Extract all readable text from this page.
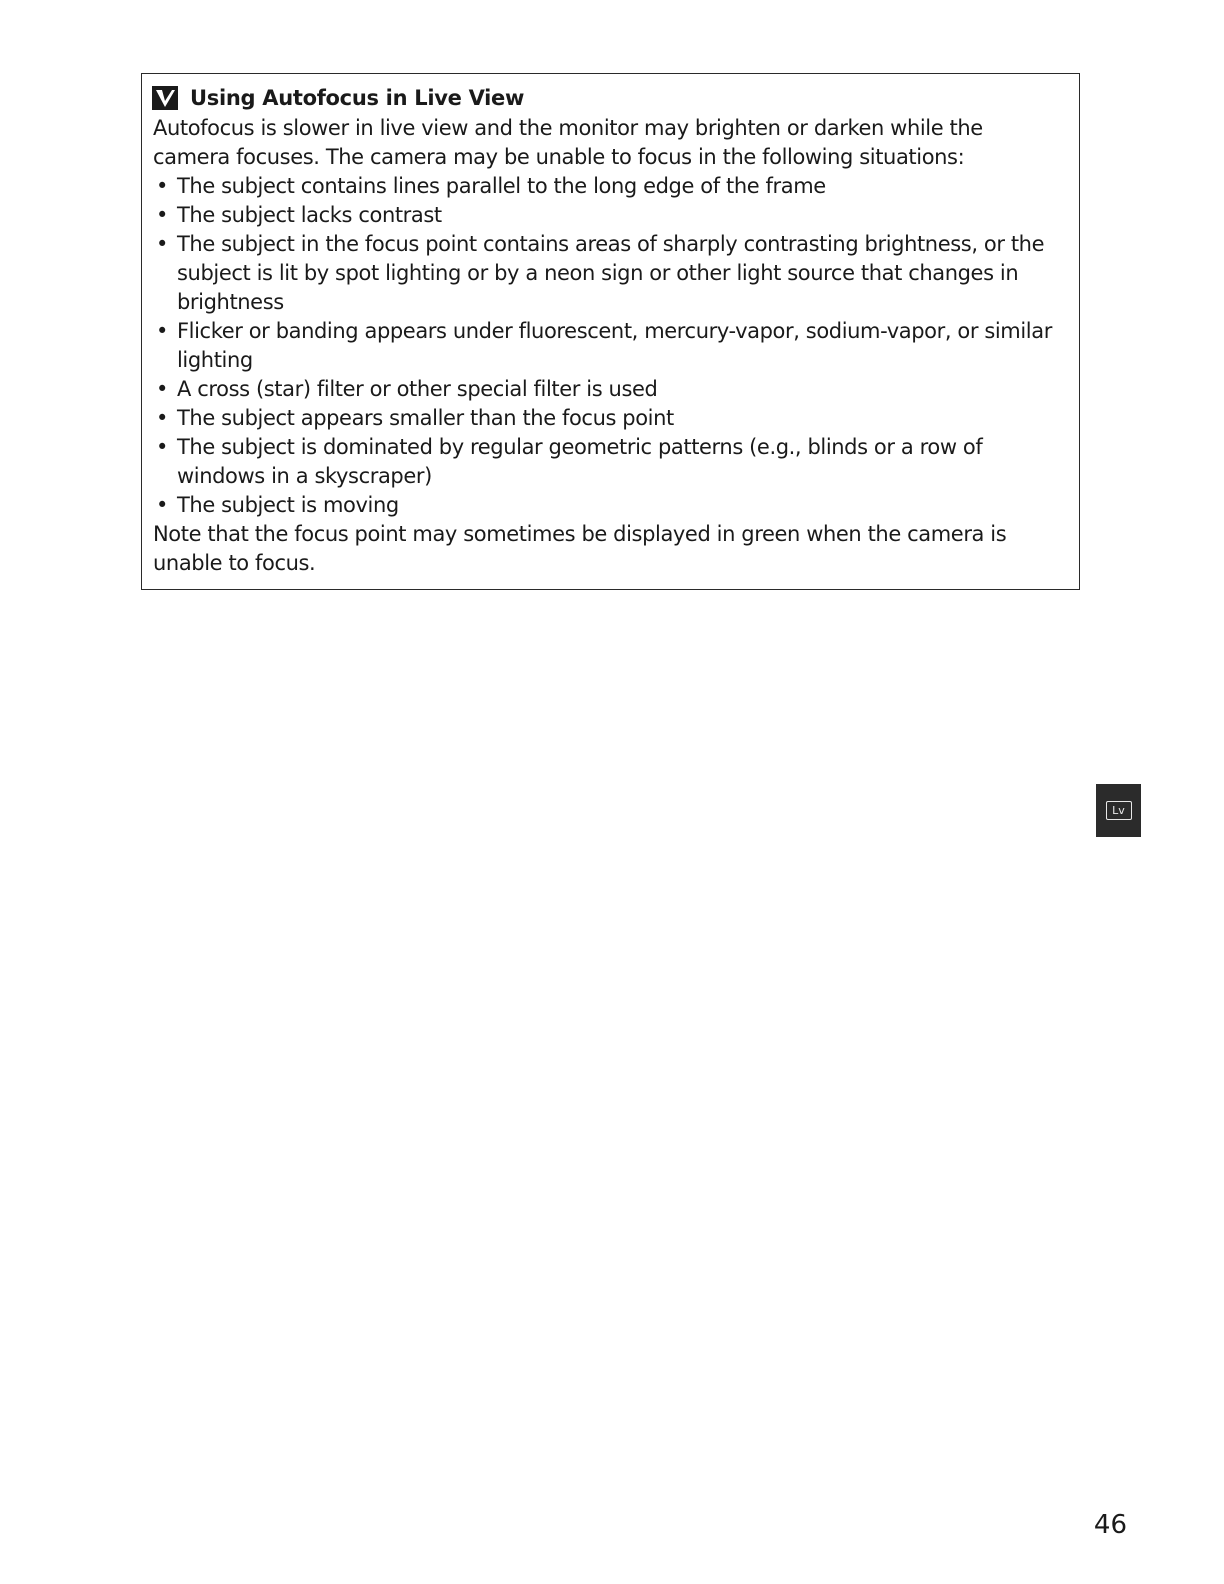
Using Autofocus in Live View

Autofocus is slower in live view and the monitor may brighten or darken while the camera focuses. The camera may be unable to focus in the following situations:

• The subject contains lines parallel to the long edge of the frame
• The subject lacks contrast
• The subject in the focus point contains areas of sharply contrasting brightness, or the subject is lit by spot lighting or by a neon sign or other light source that changes in brightness
• Flicker or banding appears under fluorescent, mercury-vapor, sodium-vapor, or similar lighting
• A cross (star) filter or other special filter is used
• The subject appears smaller than the focus point
• The subject is dominated by regular geometric patterns (e.g., blinds or a row of windows in a skyscraper)
• The subject is moving

Note that the focus point may sometimes be displayed in green when the camera is unable to focus.

Lv
46
